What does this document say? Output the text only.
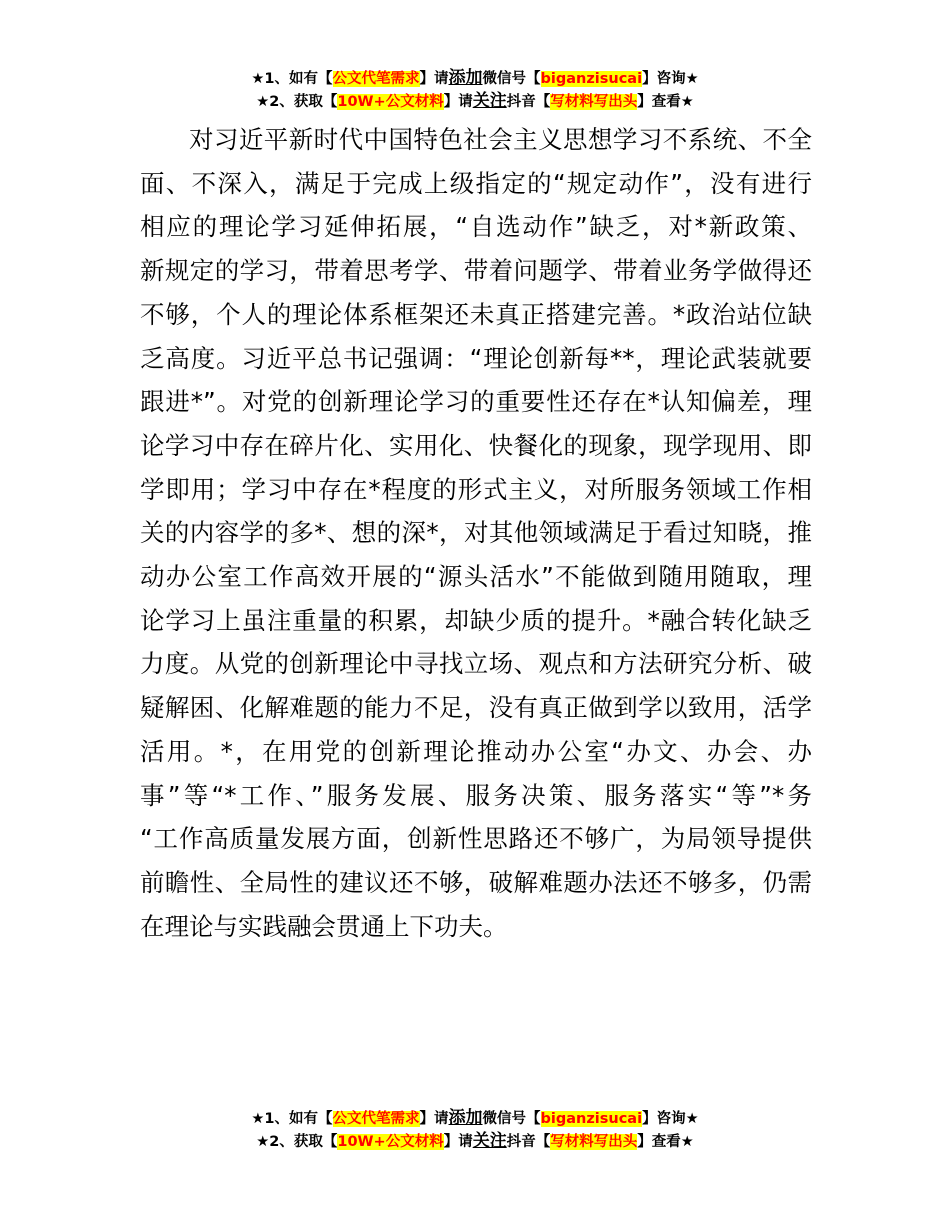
★1、如有【公文代笔需求】请添加微信号【biganzisucai】咨询★
★2、获取【10W+公文材料】请关注抖音【写材料写出头】查看★
对习近平新时代中国特色社会主义思想学习不系统、不全
面、不深入，满足于完成上级指定的“规定动作”，没有进行
相应的理论学习延伸拓展，“自选动作”缺乏，对*新政策、
新规定的学习，带着思考学、带着问题学、带着业务学做得还
不够，个人的理论体系框架还未真正搭建完善。*政治站位缺
乏高度。习近平总书记强调：“理论创新每**，理论武装就要
跟进*”。对党的创新理论学习的重要性还存在*认知偏差，理
论学习中存在碎片化、实用化、快餐化的现象，现学现用、即
学即用；学习中存在*程度的形式主义，对所服务领域工作相
关的内容学的多*、想的深*，对其他领域满足于看过知晓，推
动办公室工作高效开展的“源头活水”不能做到随用随取，理
论学习上虽注重量的积累，却缺少质的提升。*融合转化缺乏
力度。从党的创新理论中寻找立场、观点和方法研究分析、破
疑解困、化解难题的能力不足，没有真正做到学以致用，活学
活用。*，在用党的创新理论推动办公室“办文、办会、办
事”等“*工作、”服务发展、服务决策、服务落实“等”*务
“工作高质量发展方面，创新性思路还不够广，为局领导提供
前瞻性、全局性的建议还不够，破解难题办法还不够多，仍需
在理论与实践融会贯通上下功夫。
★1、如有【公文代笔需求】请添加微信号【biganzisucai】咨询★
★2、获取【10W+公文材料】请关注抖音【写材料写出头】查看★
